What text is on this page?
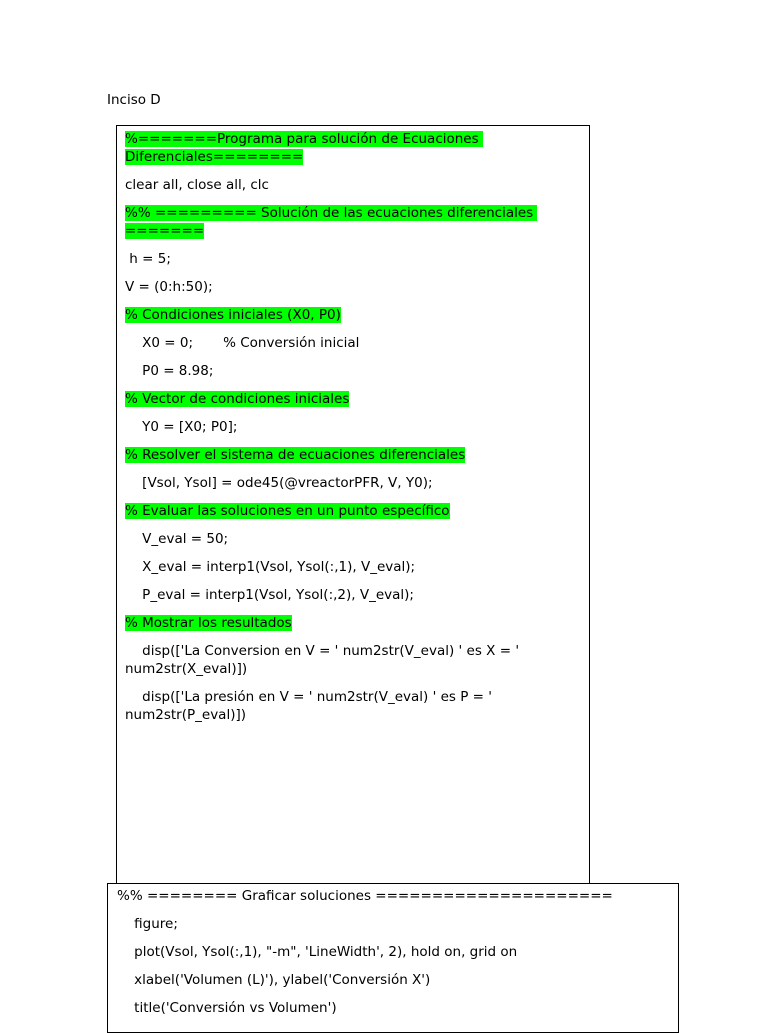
Inciso D
%=======Programa para solución de Ecuaciones Diferenciales========
clear all, close all, clc
%% ========= Solución de las ecuaciones diferenciales =======
h = 5;
V = (0:h:50);
% Condiciones iniciales (X0, P0)
X0 = 0;       % Conversión inicial
P0 = 8.98;
% Vector de condiciones iniciales
Y0 = [X0; P0];
% Resolver el sistema de ecuaciones diferenciales
[Vsol, Ysol] = ode45(@vreactorPFR, V, Y0);
% Evaluar las soluciones en un punto específico
V_eval = 50;
X_eval = interp1(Vsol, Ysol(:,1), V_eval);
P_eval = interp1(Vsol, Ysol(:,2), V_eval);
% Mostrar los resultados
disp(['La Conversion en V = ' num2str(V_eval) ' es X = ' num2str(X_eval)])
disp(['La presión en V = ' num2str(V_eval) ' es P = ' num2str(P_eval)])
%% ======== Graficar soluciones =====================
figure;
plot(Vsol, Ysol(:,1), "-m", 'LineWidth', 2), hold on, grid on
xlabel('Volumen (L)'), ylabel('Conversión X')
title('Conversión vs Volumen')
